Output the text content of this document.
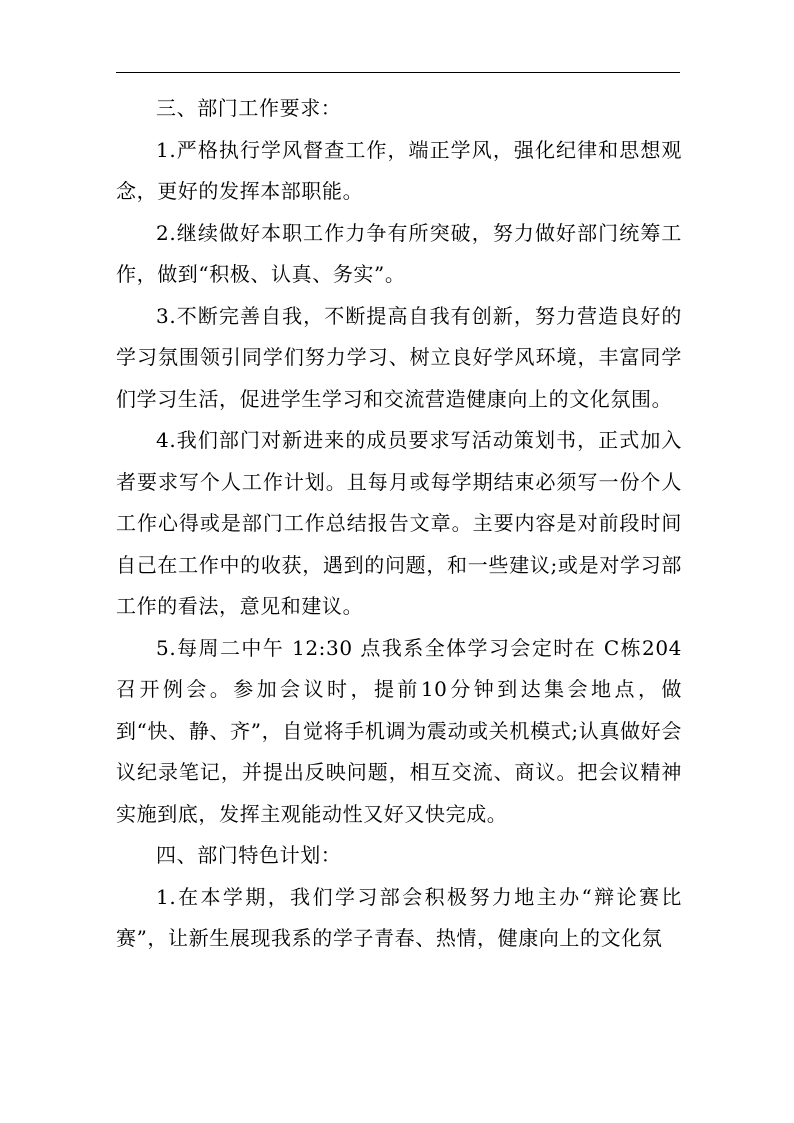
三、部门工作要求：

1.严格执行学风督查工作，端正学风，强化纪律和思想观念，更好的发挥本部职能。

2.继续做好本职工作力争有所突破，努力做好部门统筹工作，做到“积极、认真、务实”。

3.不断完善自我，不断提高自我有创新，努力营造良好的学习氛围领引同学们努力学习、树立良好学风环境，丰富同学们学习生活，促进学生学习和交流营造健康向上的文化氛围。

4.我们部门对新进来的成员要求写活动策划书，正式加入者要求写个人工作计划。且每月或每学期结束必须写一份个人工作心得或是部门工作总结报告文章。主要内容是对前段时间自己在工作中的收获，遇到的问题，和一些建议;或是对学习部工作的看法，意见和建议。

5.每周二中午 12:30 点我系全体学习会定时在 C栋204召开例会。参加会议时，提前10分钟到达集会地点，做到“快、静、齐”，自觉将手机调为震动或关机模式;认真做好会议纪录笔记，并提出反映问题，相互交流、商议。把会议精神实施到底，发挥主观能动性又好又快完成。

四、部门特色计划：

1.在本学期，我们学习部会积极努力地主办“辩论赛比赛”，让新生展现我系的学子青春、热情，健康向上的文化氛
